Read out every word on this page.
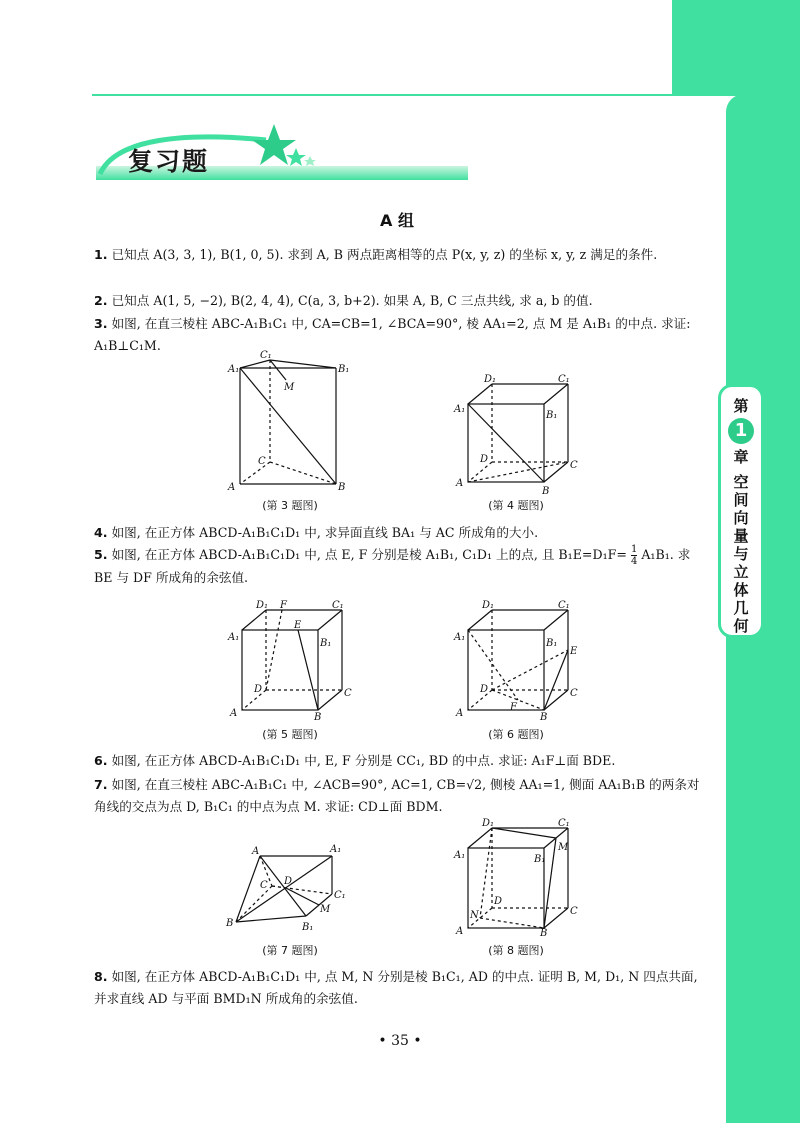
第
1
章
空间向量与立体几何
复习题
A 组
1. 已知点 A(3, 3, 1), B(1, 0, 5). 求到 A, B 两点距离相等的点 P(x, y, z) 的坐标 x, y, z 满足的条件.
2. 已知点 A(1, 5, −2), B(2, 4, 4), C(a, 3, b+2). 如果 A, B, C 三点共线, 求 a, b 的值.
3. 如图, 在直三棱柱 ABC-A₁B₁C₁ 中, CA=CB=1, ∠BCA=90°, 棱 AA₁=2, 点 M 是 A₁B₁ 的中点. 求证: A₁B⊥C₁M.
A₁	B₁
C₁
M
A	B
C
(第 3 题图)
A
B
C
D
A₁
B₁
C₁
D₁
(第 4 题图)
4. 如图, 在正方体 ABCD-A₁B₁C₁D₁ 中, 求异面直线 BA₁ 与 AC 所成角的大小.
5. 如图, 在正方体 ABCD-A₁B₁C₁D₁ 中, 点 E, F 分别是棱 A₁B₁, C₁D₁ 上的点, 且 $B_1E=D_1F= \frac{1}{4} A_1B_1$. 求 BE 与 DF 所成角的余弦值.
A	B
C
D
A₁
B₁
C₁
D₁
E
F
(第 5 题图)
A	B
C
D
A₁
B₁
C₁
D₁
E
F
(第 6 题图)
6. 如图, 在正方体 ABCD-A₁B₁C₁D₁ 中, E, F 分别是 CC₁, BD 的中点. 求证: A₁F⊥面 BDE.
7. 如图, 在直三棱柱 ABC-A₁B₁C₁ 中, ∠ACB=90°, AC=1, CB=√2, 侧棱 AA₁=1, 侧面 AA₁B₁B 的两条对角线的交点为点 D, B₁C₁ 的中点为点 M. 求证: CD⊥面 BDM.
A	A₁
B	B₁
C
C₁
D
M
(第 7 题图)
A	B
C
D
A₁	B₁
C₁
D₁
M
N
(第 8 题图)
8. 如图, 在正方体 ABCD-A₁B₁C₁D₁ 中, 点 M, N 分别是棱 B₁C₁, AD 的中点. 证明 B, M, D₁, N 四点共面, 并求直线 AD 与平面 BMD₁N 所成角的余弦值.
• 35 •
